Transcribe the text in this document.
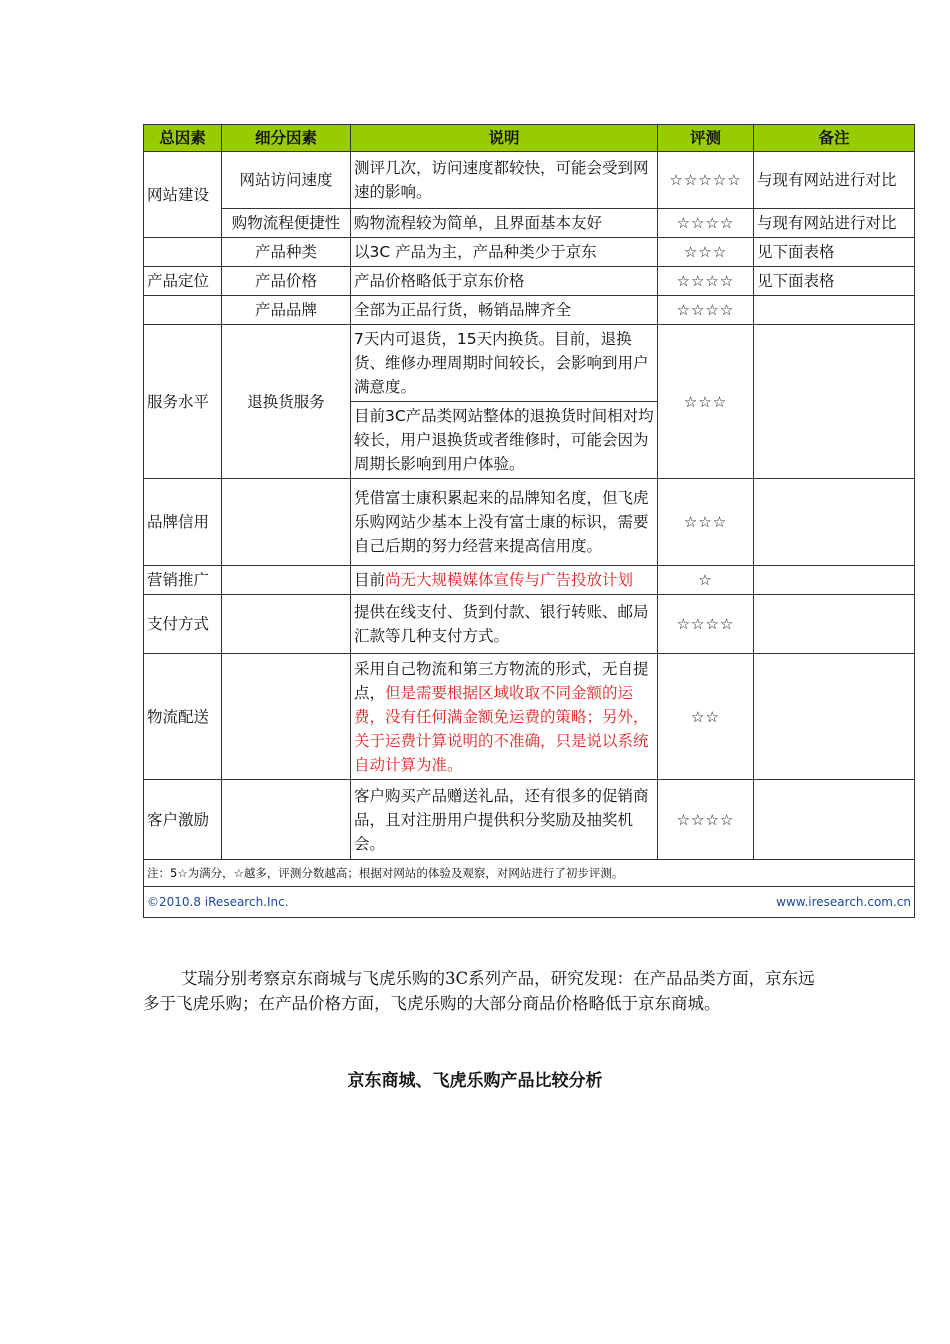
总因素	细分因素	说明	评测	备注
网站建设	网站访问速度	测评几次，访问速度都较快，可能会受到网速的影响。	☆☆☆☆☆	与现有网站进行对比
	购物流程便捷性	购物流程较为简单，且界面基本友好	☆☆☆☆	与现有网站进行对比
	产品种类	以3C 产品为主，产品种类少于京东	☆☆☆	见下面表格
产品定位	产品价格	产品价格略低于京东价格	☆☆☆☆	见下面表格
	产品品牌	全部为正品行货，畅销品牌齐全	☆☆☆☆	
服务水平	退换货服务	7天内可退货，15天内换货。目前，退换货、维修办理周期时间较长，会影响到用户满意度。	☆☆☆	
		目前3C产品类网站整体的退换货时间相对均较长，用户退换货或者维修时，可能会因为周期长影响到用户体验。		
品牌信用		凭借富士康积累起来的品牌知名度，但飞虎乐购网站少基本上没有富士康的标识，需要自己后期的努力经营来提高信用度。	☆☆☆	
营销推广		目前尚无大规模媒体宣传与广告投放计划	☆	
支付方式		提供在线支付、货到付款、银行转账、邮局汇款等几种支付方式。	☆☆☆☆	
物流配送		采用自己物流和第三方物流的形式，无自提点，但是需要根据区域收取不同金额的运费，没有任何满金额免运费的策略；另外，关于运费计算说明的不准确，只是说以系统自动计算为准。	☆☆	
客户激励		客户购买产品赠送礼品，还有很多的促销商品，且对注册用户提供积分奖励及抽奖机会。	☆☆☆☆	
注：5☆为满分，☆越多，评测分数越高；根据对网站的体验及观察，对网站进行了初步评测。				

©2010.8 iResearch.Inc. www.iresearch.com.cn				

艾瑞分别考察京东商城与飞虎乐购的3C系列产品，研究发现：在产品品类方面，京东远多于飞虎乐购；在产品价格方面，飞虎乐购的大部分商品价格略低于京东商城。

京东商城、飞虎乐购产品比较分析
